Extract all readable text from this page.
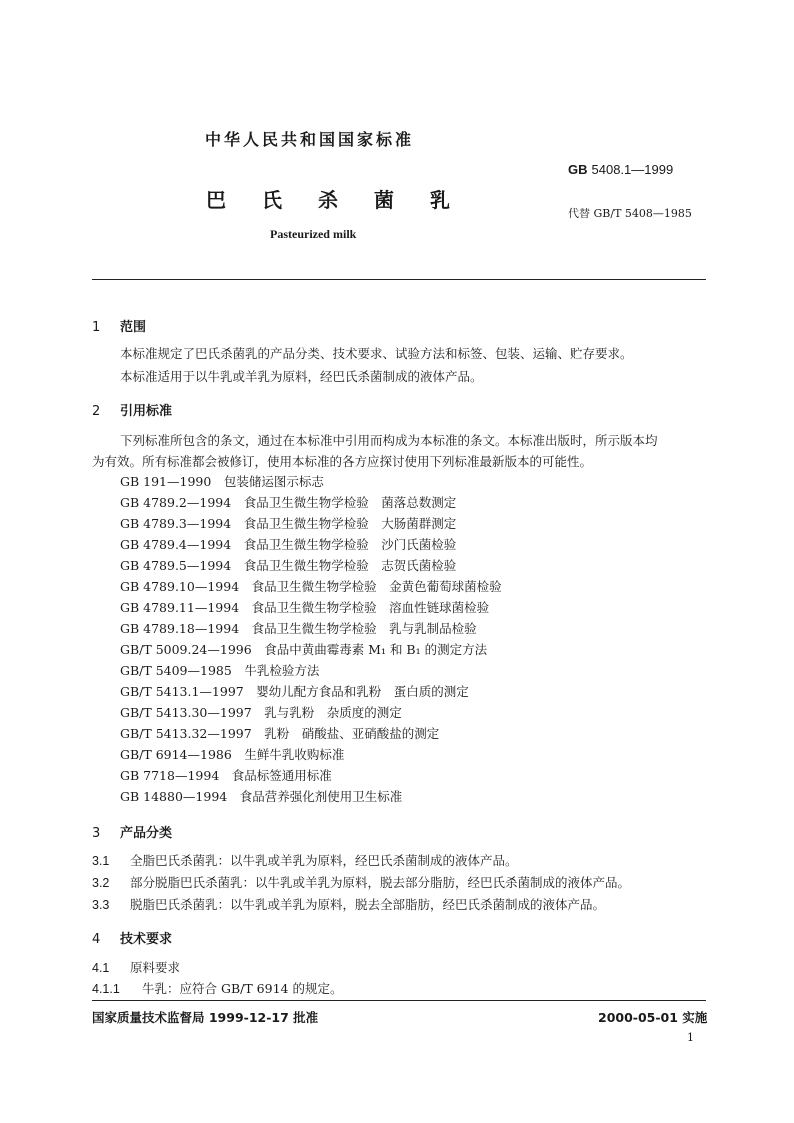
中华人民共和国国家标准
GB 5408.1—1999
巴氏杀菌乳
代替 GB/T 5408—1985
Pasteurized milk
1 范围
本标准规定了巴氏杀菌乳的产品分类、技术要求、试验方法和标签、包装、运输、贮存要求。
本标准适用于以牛乳或羊乳为原料，经巴氏杀菌制成的液体产品。
2 引用标准
下列标准所包含的条文，通过在本标准中引用而构成为本标准的条文。本标准出版时，所示版本均
为有效。所有标准都会被修订，使用本标准的各方应探讨使用下列标准最新版本的可能性。
GB 191—1990　包装储运图示标志
GB 4789.2—1994　食品卫生微生物学检验　菌落总数测定
GB 4789.3—1994　食品卫生微生物学检验　大肠菌群测定
GB 4789.4—1994　食品卫生微生物学检验　沙门氏菌检验
GB 4789.5—1994　食品卫生微生物学检验　志贺氏菌检验
GB 4789.10—1994　食品卫生微生物学检验　金黄色葡萄球菌检验
GB 4789.11—1994　食品卫生微生物学检验　溶血性链球菌检验
GB 4789.18—1994　食品卫生微生物学检验　乳与乳制品检验
GB/T 5009.24—1996　食品中黄曲霉毒素 M₁ 和 B₁ 的测定方法
GB/T 5409—1985　牛乳检验方法
GB/T 5413.1—1997　婴幼儿配方食品和乳粉　蛋白质的测定
GB/T 5413.30—1997　乳与乳粉　杂质度的测定
GB/T 5413.32—1997　乳粉　硝酸盐、亚硝酸盐的测定
GB/T 6914—1986　生鲜牛乳收购标准
GB 7718—1994　食品标签通用标准
GB 14880—1994　食品营养强化剂使用卫生标准
3 产品分类
3.1 全脂巴氏杀菌乳：以牛乳或羊乳为原料，经巴氏杀菌制成的液体产品。
3.2 部分脱脂巴氏杀菌乳：以牛乳或羊乳为原料，脱去部分脂肪，经巴氏杀菌制成的液体产品。
3.3 脱脂巴氏杀菌乳：以牛乳或羊乳为原料，脱去全部脂肪，经巴氏杀菌制成的液体产品。
4 技术要求
4.1 原料要求
4.1.1 牛乳：应符合 GB/T 6914 的规定。
国家质量技术监督局 1999-12-17 批准	2000-05-01 实施
1
